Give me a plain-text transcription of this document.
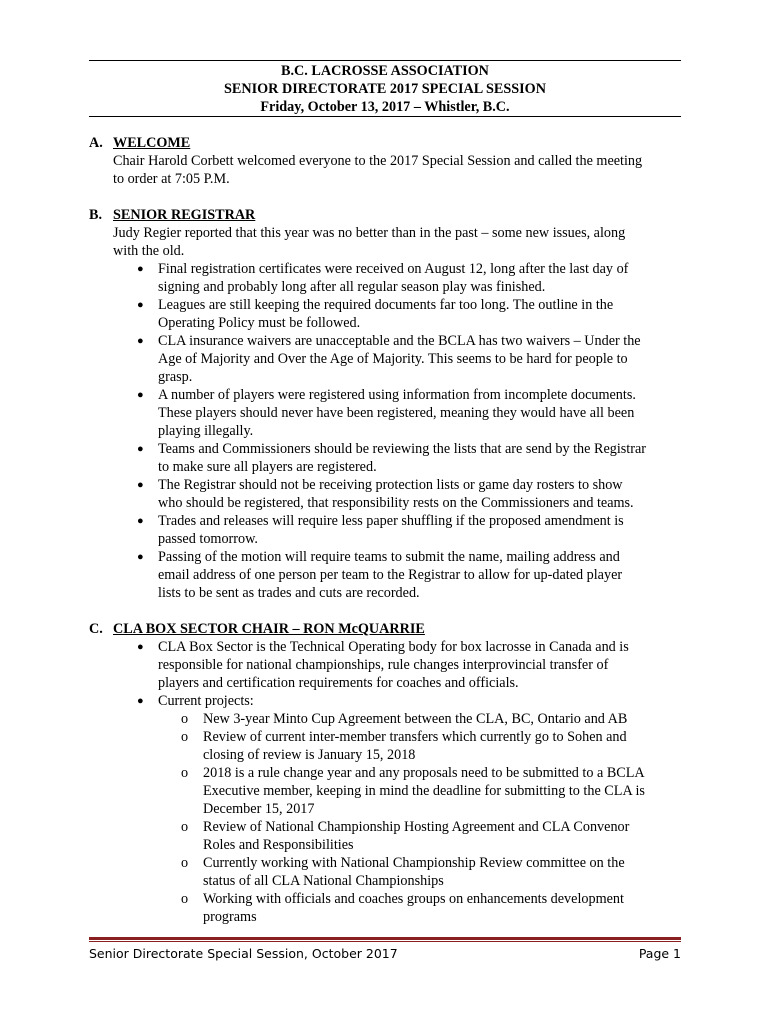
B.C. LACROSSE ASSOCIATION
SENIOR DIRECTORATE 2017 SPECIAL SESSION
Friday, October 13, 2017 – Whistler, B.C.
A. WELCOME
Chair Harold Corbett welcomed everyone to the 2017 Special Session and called the meeting
to order at 7:05 P.M.
B. SENIOR REGISTRAR
Judy Regier reported that this year was no better than in the past – some new issues, along
with the old.
● Final registration certificates were received on August 12, long after the last day of
signing and probably long after all regular season play was finished.
● Leagues are still keeping the required documents far too long. The outline in the
Operating Policy must be followed.
● CLA insurance waivers are unacceptable and the BCLA has two waivers – Under the
Age of Majority and Over the Age of Majority. This seems to be hard for people to
grasp.
● A number of players were registered using information from incomplete documents.
These players should never have been registered, meaning they would have all been
playing illegally.
● Teams and Commissioners should be reviewing the lists that are send by the Registrar
to make sure all players are registered.
● The Registrar should not be receiving protection lists or game day rosters to show
who should be registered, that responsibility rests on the Commissioners and teams.
● Trades and releases will require less paper shuffling if the proposed amendment is
passed tomorrow.
● Passing of the motion will require teams to submit the name, mailing address and
email address of one person per team to the Registrar to allow for up-dated player
lists to be sent as trades and cuts are recorded.
C. CLA BOX SECTOR CHAIR – RON McQUARRIE
● CLA Box Sector is the Technical Operating body for box lacrosse in Canada and is
responsible for national championships, rule changes interprovincial transfer of
players and certification requirements for coaches and officials.
● Current projects:
o New 3-year Minto Cup Agreement between the CLA, BC, Ontario and AB
o Review of current inter-member transfers which currently go to Sohen and
closing of review is January 15, 2018
o 2018 is a rule change year and any proposals need to be submitted to a BCLA
Executive member, keeping in mind the deadline for submitting to the CLA is
December 15, 2017
o Review of National Championship Hosting Agreement and CLA Convenor
Roles and Responsibilities
o Currently working with National Championship Review committee on the
status of all CLA National Championships
o Working with officials and coaches groups on enhancements development
programs
Senior Directorate Special Session, October 2017	Page 1
